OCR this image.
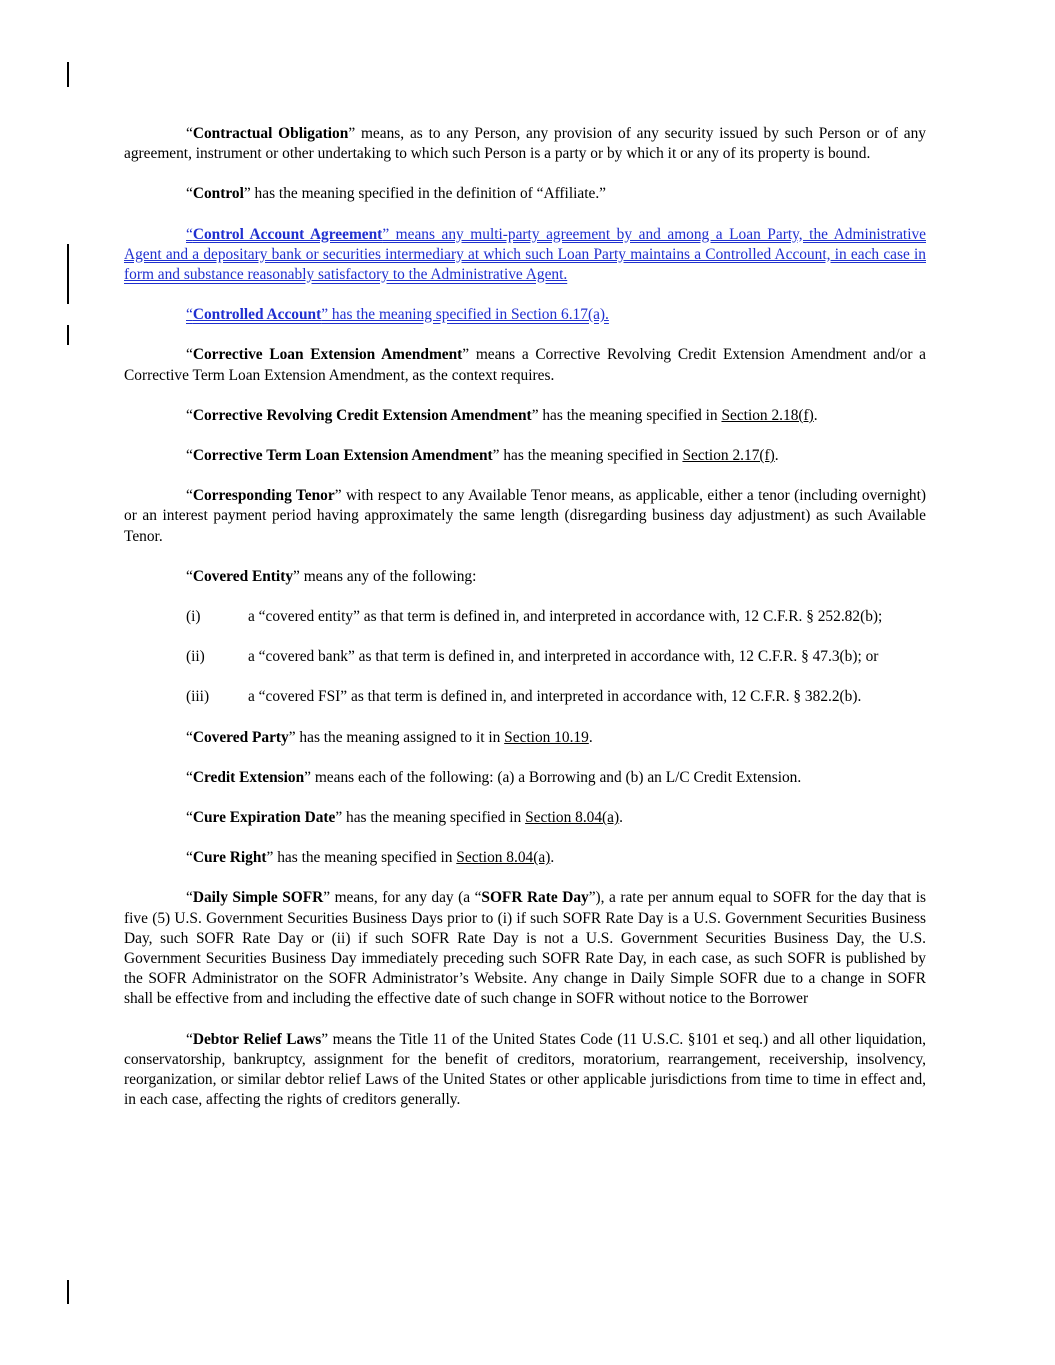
“Contractual Obligation” means, as to any Person, any provision of any security issued by such Person or of any agreement, instrument or other undertaking to which such Person is a party or by which it or any of its property is bound.

“Control” has the meaning specified in the definition of “Affiliate.”

“Control Account Agreement” means any multi-party agreement by and among a Loan Party, the Administrative Agent and a depositary bank or securities intermediary at which such Loan Party maintains a Controlled Account, in each case in form and substance reasonably satisfactory to the Administrative Agent.

“Controlled Account” has the meaning specified in Section 6.17(a).

“Corrective Loan Extension Amendment” means a Corrective Revolving Credit Extension Amendment and/or a Corrective Term Loan Extension Amendment, as the context requires.

“Corrective Revolving Credit Extension Amendment” has the meaning specified in Section 2.18(f).

“Corrective Term Loan Extension Amendment” has the meaning specified in Section 2.17(f).

“Corresponding Tenor” with respect to any Available Tenor means, as applicable, either a tenor (including overnight) or an interest payment period having approximately the same length (disregarding business day adjustment) as such Available Tenor.

“Covered Entity” means any of the following:

(i)	a “covered entity” as that term is defined in, and interpreted in accordance with, 12 C.F.R. § 252.82(b);
(ii)	a “covered bank” as that term is defined in, and interpreted in accordance with, 12 C.F.R. § 47.3(b); or
(iii)	a “covered FSI” as that term is defined in, and interpreted in accordance with, 12 C.F.R. § 382.2(b).

“Covered Party” has the meaning assigned to it in Section 10.19.

“Credit Extension” means each of the following: (a) a Borrowing and (b) an L/C Credit Extension.

“Cure Expiration Date” has the meaning specified in Section 8.04(a).

“Cure Right” has the meaning specified in Section 8.04(a).

“Daily Simple SOFR” means, for any day (a “SOFR Rate Day”), a rate per annum equal to SOFR for the day that is five (5) U.S. Government Securities Business Days prior to (i) if such SOFR Rate Day is a U.S. Government Securities Business Day, such SOFR Rate Day or (ii) if such SOFR Rate Day is not a U.S. Government Securities Business Day, the U.S. Government Securities Business Day immediately preceding such SOFR Rate Day, in each case, as such SOFR is published by the SOFR Administrator on the SOFR Administrator’s Website. Any change in Daily Simple SOFR due to a change in SOFR shall be effective from and including the effective date of such change in SOFR without notice to the Borrower

“Debtor Relief Laws” means the Title 11 of the United States Code (11 U.S.C. §101 et seq.) and all other liquidation, conservatorship, bankruptcy, assignment for the benefit of creditors, moratorium, rearrangement, receivership, insolvency, reorganization, or similar debtor relief Laws of the United States or other applicable jurisdictions from time to time in effect and, in each case, affecting the rights of creditors generally.
